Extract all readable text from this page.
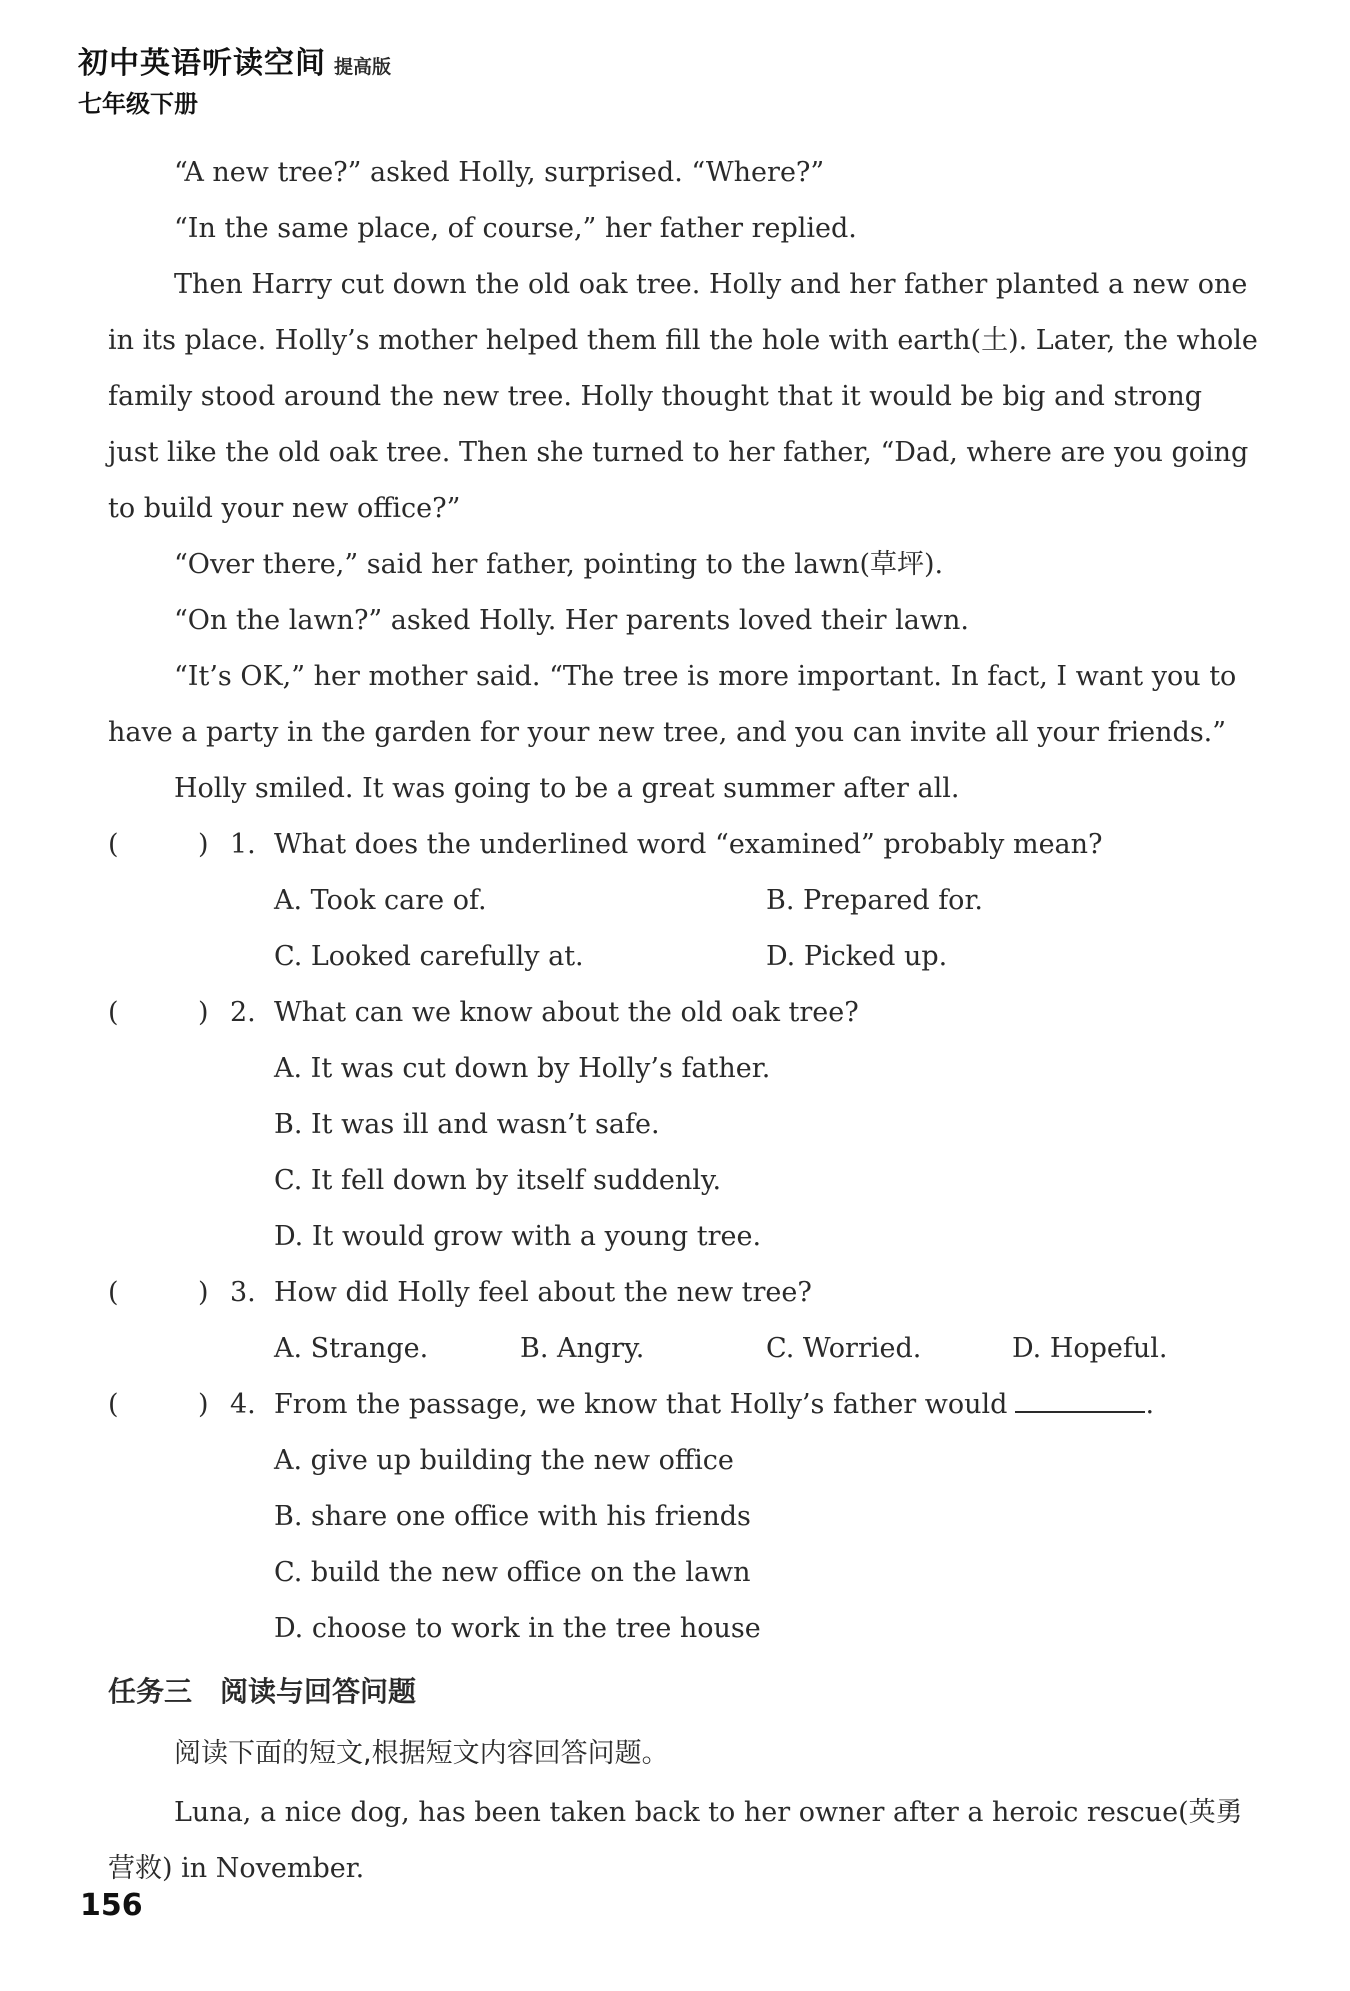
初中英语听读空间 提高版
七年级下册

“A new tree?” asked Holly, surprised. “Where?”

“In the same place, of course,” her father replied.

Then Harry cut down the old oak tree. Holly and her father planted a new one in its place. Holly’s mother helped them fill the hole with earth(土). Later, the whole family stood around the new tree. Holly thought that it would be big and strong just like the old oak tree. Then she turned to her father, “Dad, where are you going to build your new office?”

“Over there,” said her father, pointing to the lawn(草坪).

“On the lawn?” asked Holly. Her parents loved their lawn.

“It’s OK,” her mother said. “The tree is more important. In fact, I want you to have a party in the garden for your new tree, and you can invite all your friends.”

Holly smiled. It was going to be a great summer after all.

(	) 1. What does the underlined word “examined” probably mean?
A. Took care of.	B. Prepared for.
C. Looked carefully at.	D. Picked up.
(	) 2. What can we know about the old oak tree?
A. It was cut down by Holly’s father.
B. It was ill and wasn’t safe.
C. It fell down by itself suddenly.
D. It would grow with a young tree.
(	) 3. How did Holly feel about the new tree?
A. Strange.	B. Angry.	C. Worried.	D. Hopeful.
(	) 4. From the passage, we know that Holly’s father would	.
A. give up building the new office
B. share one office with his friends
C. build the new office on the lawn
D. choose to work in the tree house
任务三 阅读与回答问题
阅读下面的短文,根据短文内容回答问题。

Luna, a nice dog, has been taken back to her owner after a heroic rescue(英勇营救) in November.

156
